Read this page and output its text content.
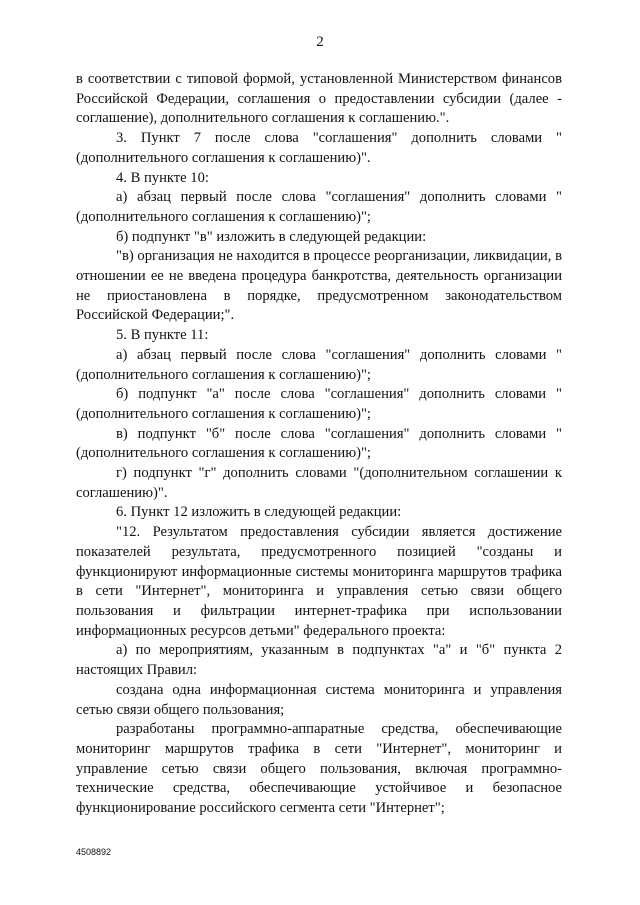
2

в соответствии с типовой формой, установленной Министерством финансов Российской Федерации, соглашения о предоставлении субсидии (далее - соглашение), дополнительного соглашения к соглашению.".

3. Пункт 7 после слова "соглашения" дополнить словами "(дополнительного соглашения к соглашению)".

4. В пункте 10:

а) абзац первый после слова "соглашения" дополнить словами "(дополнительного соглашения к соглашению)";

б) подпункт "в" изложить в следующей редакции:

"в) организация не находится в процессе реорганизации, ликвидации, в отношении ее не введена процедура банкротства, деятельность организации не приостановлена в порядке, предусмотренном законодательством Российской Федерации;".

5. В пункте 11:

а) абзац первый после слова "соглашения" дополнить словами "(дополнительного соглашения к соглашению)";

б) подпункт "а" после слова "соглашения" дополнить словами "(дополнительного соглашения к соглашению)";

в) подпункт "б" после слова "соглашения" дополнить словами "(дополнительного соглашения к соглашению)";

г) подпункт "г" дополнить словами "(дополнительном соглашении к соглашению)".

6. Пункт 12 изложить в следующей редакции:

"12. Результатом предоставления субсидии является достижение показателей результата, предусмотренного позицией "созданы и функционируют информационные системы мониторинга маршрутов трафика в сети "Интернет", мониторинга и управления сетью связи общего пользования и фильтрации интернет-трафика при использовании информационных ресурсов детьми" федерального проекта:

а) по мероприятиям, указанным в подпунктах "а" и "б" пункта 2 настоящих Правил:

создана одна информационная система мониторинга и управления сетью связи общего пользования;

разработаны программно-аппаратные средства, обеспечивающие мониторинг маршрутов трафика в сети "Интернет", мониторинг и управление сетью связи общего пользования, включая программно-технические средства, обеспечивающие устойчивое и безопасное функционирование российского сегмента сети "Интернет";

4508892
